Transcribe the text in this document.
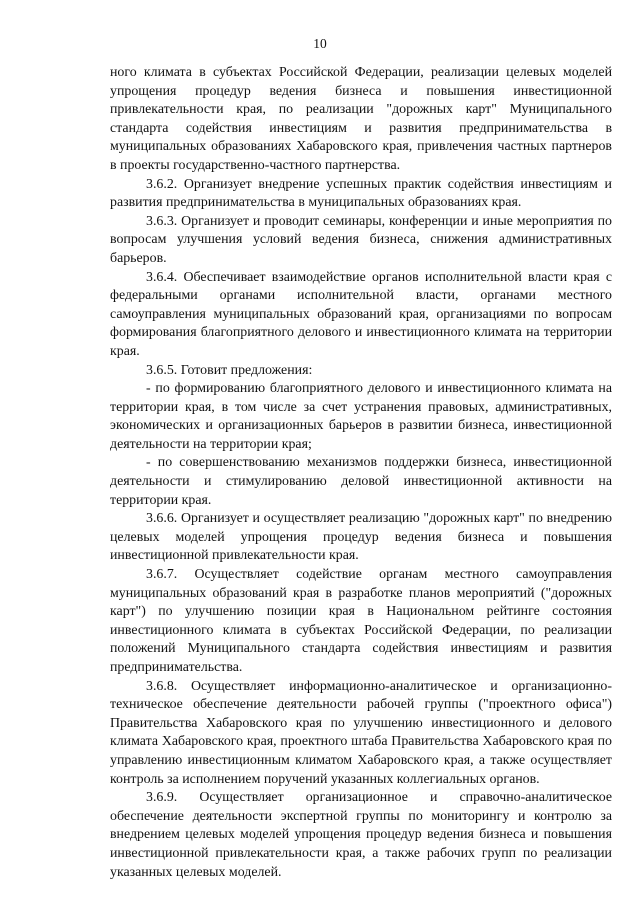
10

ного климата в субъектах Российской Федерации, реализации целевых моделей упрощения процедур ведения бизнеса и повышения инвестиционной привлекательности края, по реализации "дорожных карт" Муниципального стандарта содействия инвестициям и развития предпринимательства в муниципальных образованиях Хабаровского края, привлечения частных партнеров в проекты государственно-частного партнерства.

3.6.2. Организует внедрение успешных практик содействия инвестициям и развития предпринимательства в муниципальных образованиях края.

3.6.3. Организует и проводит семинары, конференции и иные мероприятия по вопросам улучшения условий ведения бизнеса, снижения административных барьеров.

3.6.4. Обеспечивает взаимодействие органов исполнительной власти края с федеральными органами исполнительной власти, органами местного самоуправления муниципальных образований края, организациями по вопросам формирования благоприятного делового и инвестиционного климата на территории края.

3.6.5. Готовит предложения:

- по формированию благоприятного делового и инвестиционного климата на территории края, в том числе за счет устранения правовых, административных, экономических и организационных барьеров в развитии бизнеса, инвестиционной деятельности на территории края;

- по совершенствованию механизмов поддержки бизнеса, инвестиционной деятельности и стимулированию деловой инвестиционной активности на территории края.

3.6.6. Организует и осуществляет реализацию "дорожных карт" по внедрению целевых моделей упрощения процедур ведения бизнеса и повышения инвестиционной привлекательности края.

3.6.7. Осуществляет содействие органам местного самоуправления муниципальных образований края в разработке планов мероприятий ("дорожных карт") по улучшению позиции края в Национальном рейтинге состояния инвестиционного климата в субъектах Российской Федерации, по реализации положений Муниципального стандарта содействия инвестициям и развития предпринимательства.

3.6.8. Осуществляет информационно-аналитическое и организационно-техническое обеспечение деятельности рабочей группы ("проектного офиса") Правительства Хабаровского края по улучшению инвестиционного и делового климата Хабаровского края, проектного штаба Правительства Хабаровского края по управлению инвестиционным климатом Хабаровского края, а также осуществляет контроль за исполнением поручений указанных коллегиальных органов.

3.6.9. Осуществляет организационное и справочно-аналитическое обеспечение деятельности экспертной группы по мониторингу и контролю за внедрением целевых моделей упрощения процедур ведения бизнеса и повышения инвестиционной привлекательности края, а также рабочих групп по реализации указанных целевых моделей.
